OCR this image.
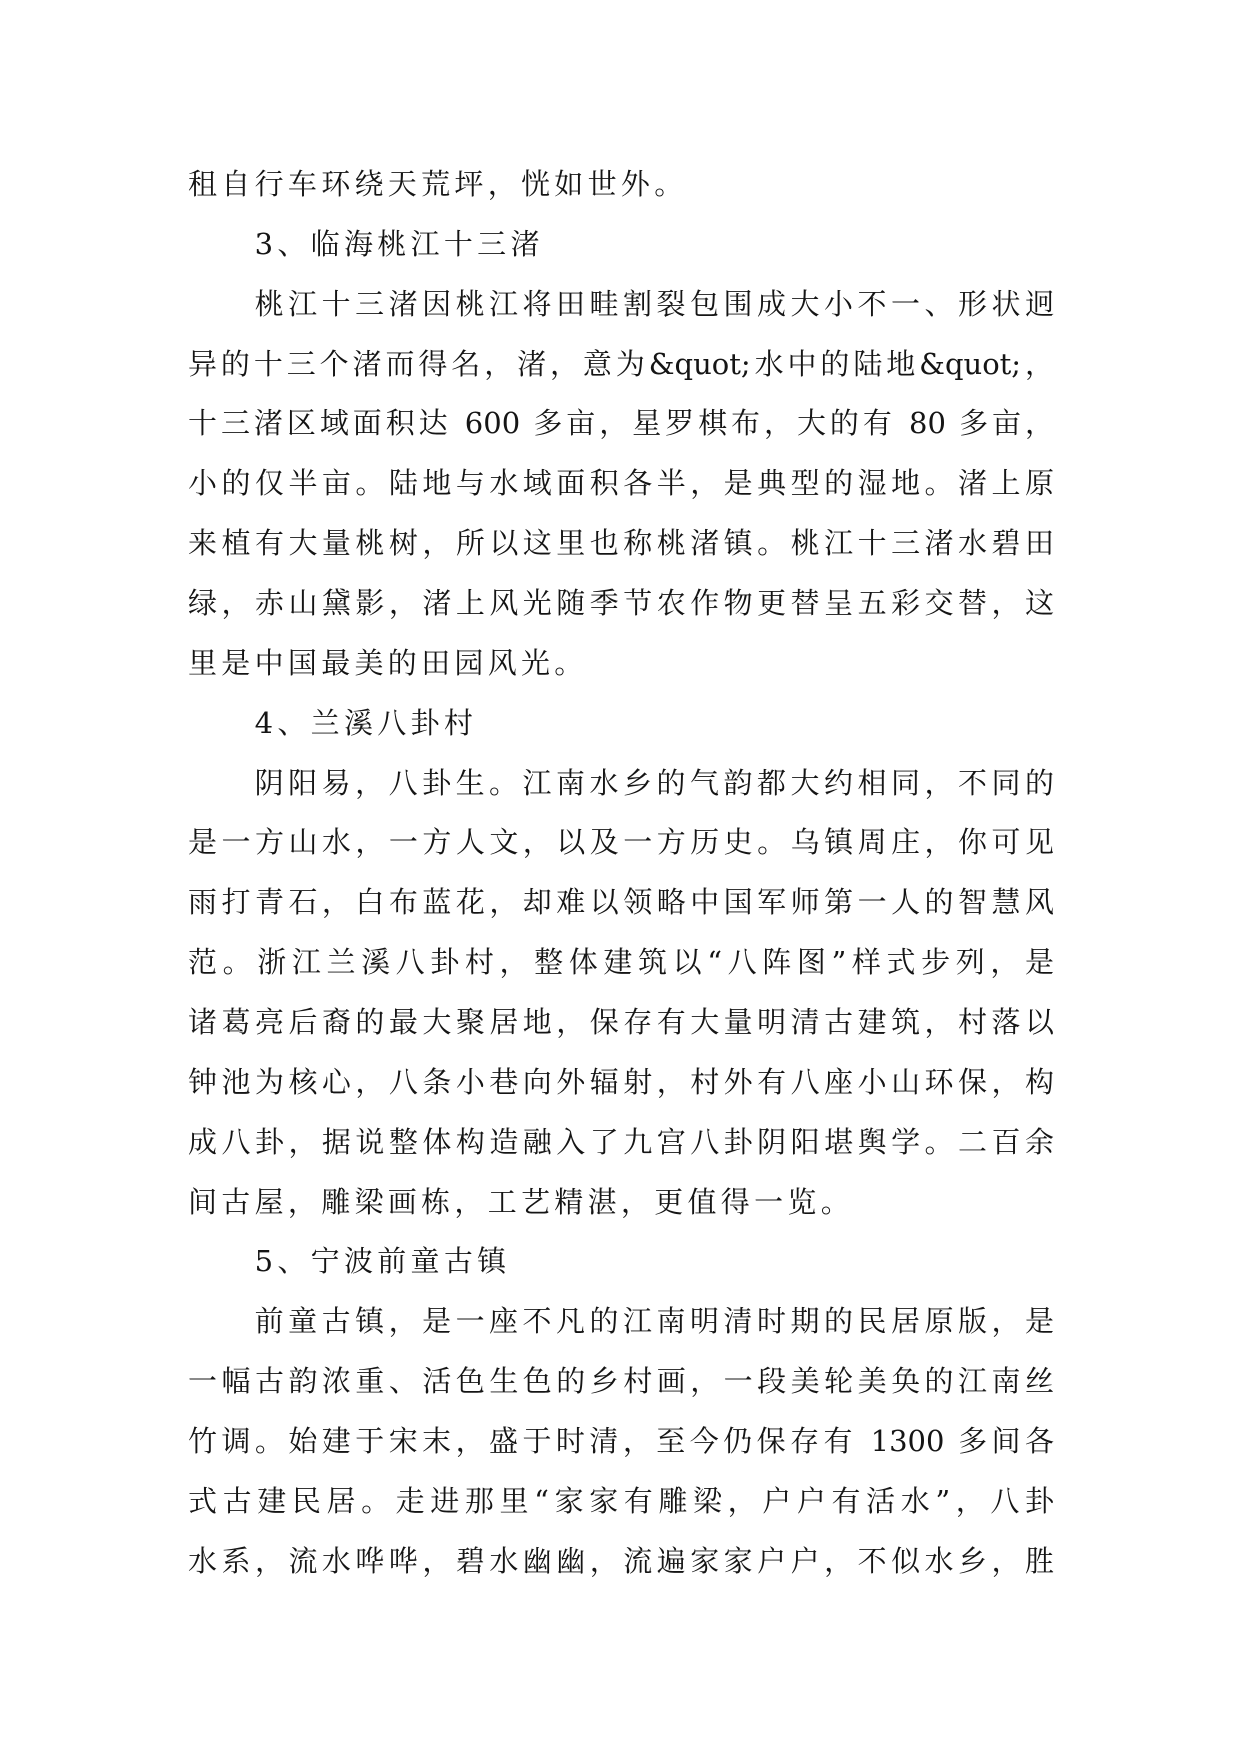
租自行车环绕天荒坪，恍如世外。
3、临海桃江十三渚
桃江十三渚因桃江将田畦割裂包围成大小不一、形状迥
异的十三个渚而得名，渚，意为&quot;水中的陆地&quot;，
十三渚区域面积达 600 多亩，星罗棋布，大的有 80 多亩，
小的仅半亩。陆地与水域面积各半，是典型的湿地。渚上原
来植有大量桃树，所以这里也称桃渚镇。桃江十三渚水碧田
绿，赤山黛影，渚上风光随季节农作物更替呈五彩交替，这
里是中国最美的田园风光。
4、兰溪八卦村
阴阳易，八卦生。江南水乡的气韵都大约相同，不同的
是一方山水，一方人文，以及一方历史。乌镇周庄，你可见
雨打青石，白布蓝花，却难以领略中国军师第一人的智慧风
范。浙江兰溪八卦村，整体建筑以“八阵图”样式步列，是
诸葛亮后裔的最大聚居地，保存有大量明清古建筑，村落以
钟池为核心，八条小巷向外辐射，村外有八座小山环保，构
成八卦，据说整体构造融入了九宫八卦阴阳堪舆学。二百余
间古屋，雕梁画栋，工艺精湛，更值得一览。
5、宁波前童古镇
前童古镇，是一座不凡的江南明清时期的民居原版，是
一幅古韵浓重、活色生色的乡村画，一段美轮美奂的江南丝
竹调。始建于宋末，盛于时清，至今仍保存有 1300 多间各
式古建民居。走进那里“家家有雕梁，户户有活水”，八卦
水系，流水哗哗，碧水幽幽，流遍家家户户，不似水乡，胜
